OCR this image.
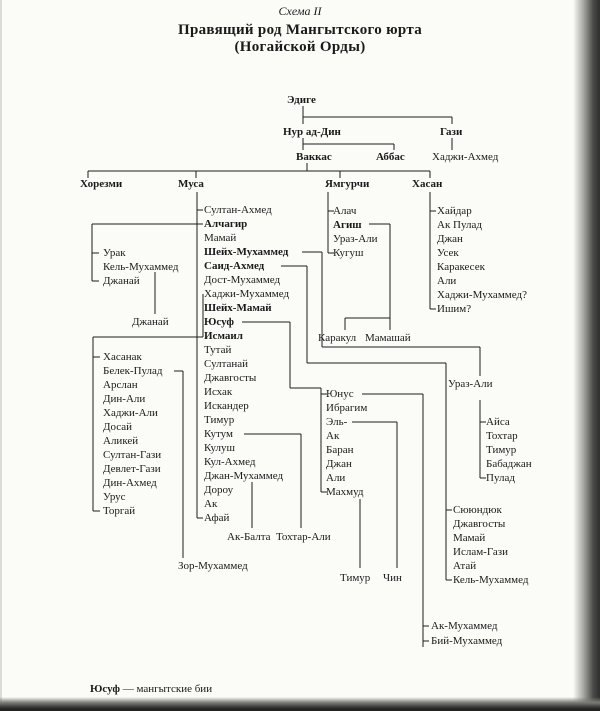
Схема II
Правящий род Мангытского юрта
(Ногайской Орды)
Эдиге
Нур ад-Дин	Гази
Ваккас	Аббас Хаджи-Ахмед
Хорезми	Муса	Ямгурчи	Хасан
Султан-Ахмед
Алчагир
Мамай
Шейх-Мухаммед
Саид-Ахмед
Дост-Мухаммед
Хаджи-Мухаммед
Шейх-Мамай
Юсуф
Исмаил
Тутай
Султанай
Джавгосты
Исхак
Искандер
Тимур
Кутум
Кулуш
Кул-Ахмед
Джан-Мухаммед
Дороу
Ак
Афай
Алач
Агиш
Ураз-Али
Кугуш
Хайдар
Ак Пулад
Джан
Усек
Каракесек
Али
Хаджи-Мухаммед?
Ишим?
Урак
Кель-Мухаммед
Джанай
Джанай
Хасанак
Белек-Пулад
Арслан
Дин-Али
Хаджи-Али
Досай
Аликей
Султан-Гази
Девлет-Гази
Дин-Ахмед
Урус
Торгай
Зор-Мухаммед
Ак-Балта Тохтар-Али
Каракул Мамашай
Ураз-Али
Айса
Тохтар
Тимур
Бабаджан
Пулад
Юнус
Ибрагим
Эль-
Ак
Баран
Джан
Али
Махмуд
Тимур Чин
Сююндюк
Джавгосты
Мамай
Ислам-Гази
Атай
Кель-Мухаммед
Ак-Мухаммед
Бий-Мухаммед
Юсуф — мангытские бии
